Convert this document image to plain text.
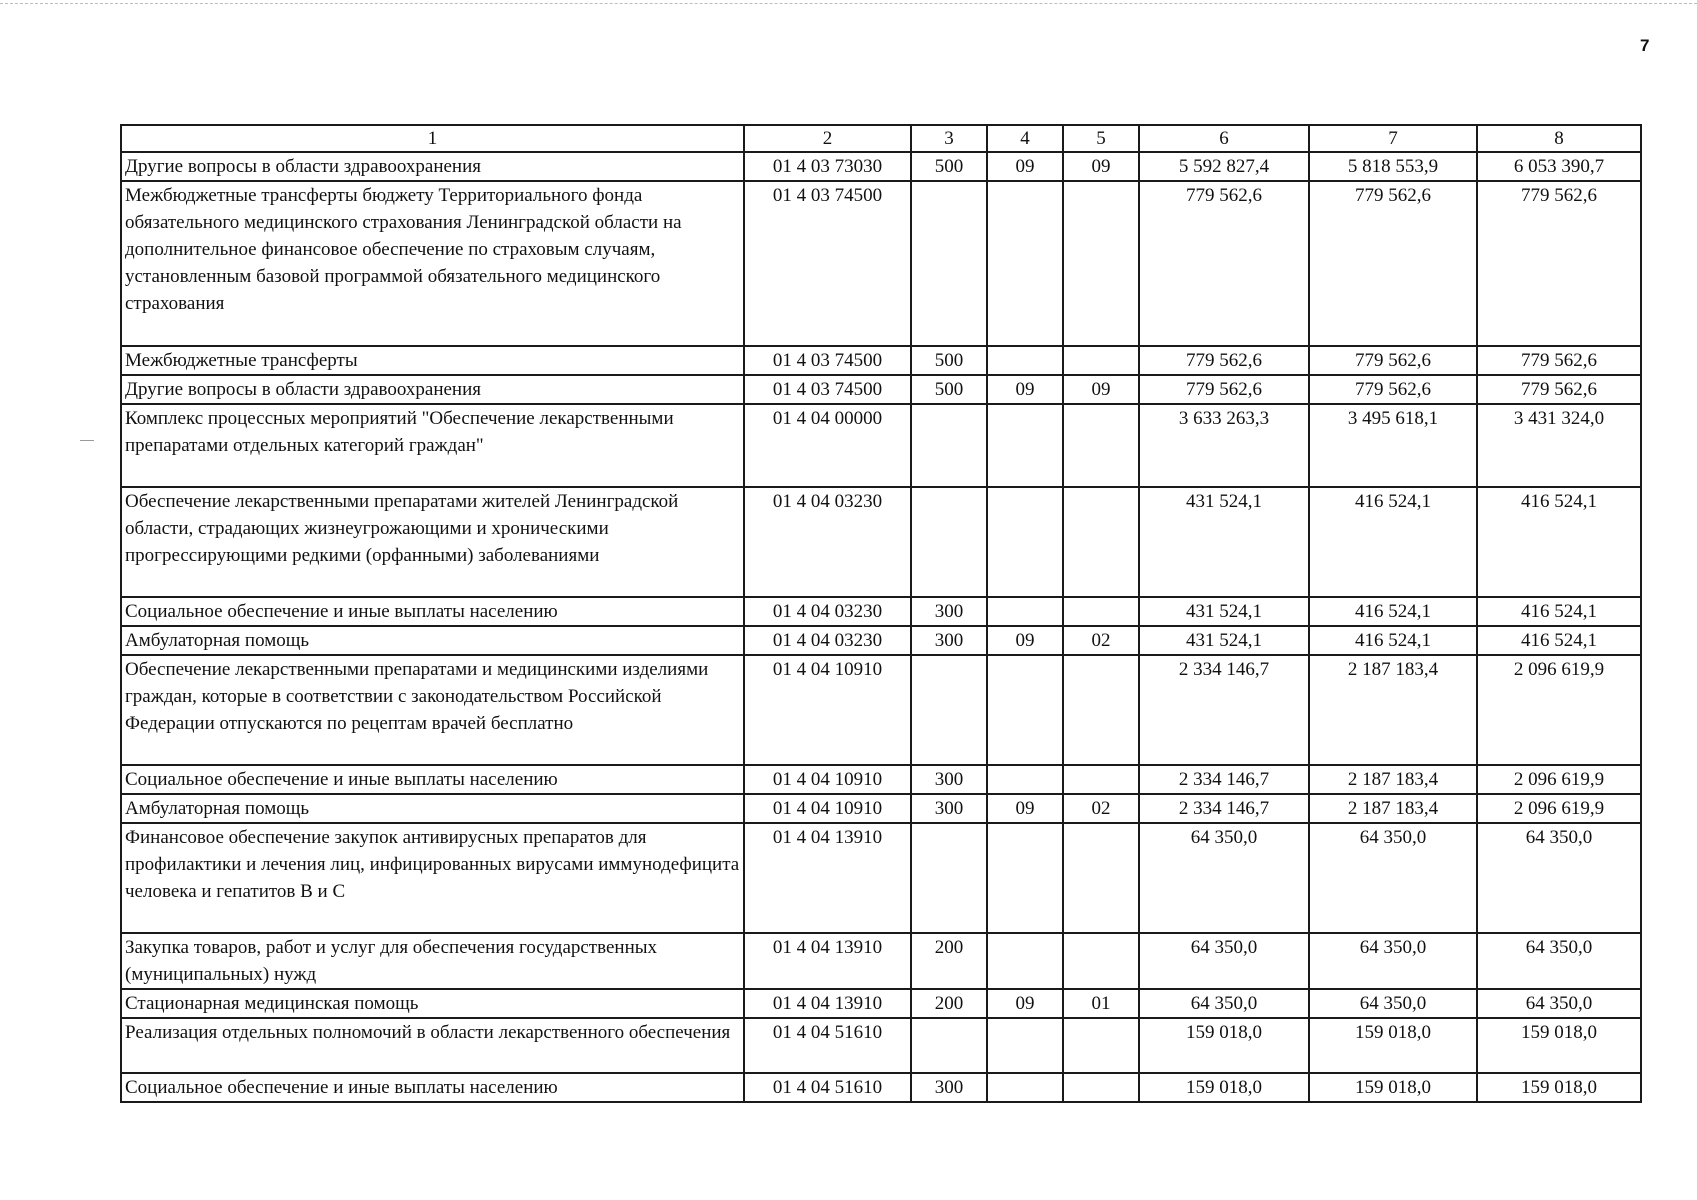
7
1	2	3	4	5	6	7	8
Другие вопросы в области здравоохранения	01 4 03 73030	500	09	09	5 592 827,4	5 818 553,9	6 053 390,7
Межбюджетные трансферты бюджету Территориального фонда обязательного медицинского страхования Ленинградской области на дополнительное финансовое обеспечение по страховым случаям, установленным базовой программой обязательного медицинского страхования	01 4 03 74500				779 562,6	779 562,6	779 562,6
Межбюджетные трансферты	01 4 03 74500	500			779 562,6	779 562,6	779 562,6
Другие вопросы в области здравоохранения	01 4 03 74500	500	09	09	779 562,6	779 562,6	779 562,6
Комплекс процессных мероприятий "Обеспечение лекарственными препаратами отдельных категорий граждан"	01 4 04 00000				3 633 263,3	3 495 618,1	3 431 324,0
Обеспечение лекарственными препаратами жителей Ленинградской области, страдающих жизнеугрожающими и хроническими прогрессирующими редкими (орфанными) заболеваниями	01 4 04 03230				431 524,1	416 524,1	416 524,1
Социальное обеспечение и иные выплаты населению	01 4 04 03230	300			431 524,1	416 524,1	416 524,1
Амбулаторная помощь	01 4 04 03230	300	09	02	431 524,1	416 524,1	416 524,1
Обеспечение лекарственными препаратами и медицинскими изделиями граждан, которые в соответствии с законодательством Российской Федерации отпускаются по рецептам врачей бесплатно	01 4 04 10910				2 334 146,7	2 187 183,4	2 096 619,9
Социальное обеспечение и иные выплаты населению	01 4 04 10910	300			2 334 146,7	2 187 183,4	2 096 619,9
Амбулаторная помощь	01 4 04 10910	300	09	02	2 334 146,7	2 187 183,4	2 096 619,9
Финансовое обеспечение закупок антивирусных препаратов для профилактики и лечения лиц, инфицированных вирусами иммунодефицита человека и гепатитов В и С	01 4 04 13910				64 350,0	64 350,0	64 350,0
Закупка товаров, работ и услуг для обеспечения государственных (муниципальных) нужд	01 4 04 13910	200			64 350,0	64 350,0	64 350,0
Стационарная медицинская помощь	01 4 04 13910	200	09	01	64 350,0	64 350,0	64 350,0
Реализация отдельных полномочий в области лекарственного обеспечения	01 4 04 51610				159 018,0	159 018,0	159 018,0
Социальное обеспечение и иные выплаты населению	01 4 04 51610	300			159 018,0	159 018,0	159 018,0
